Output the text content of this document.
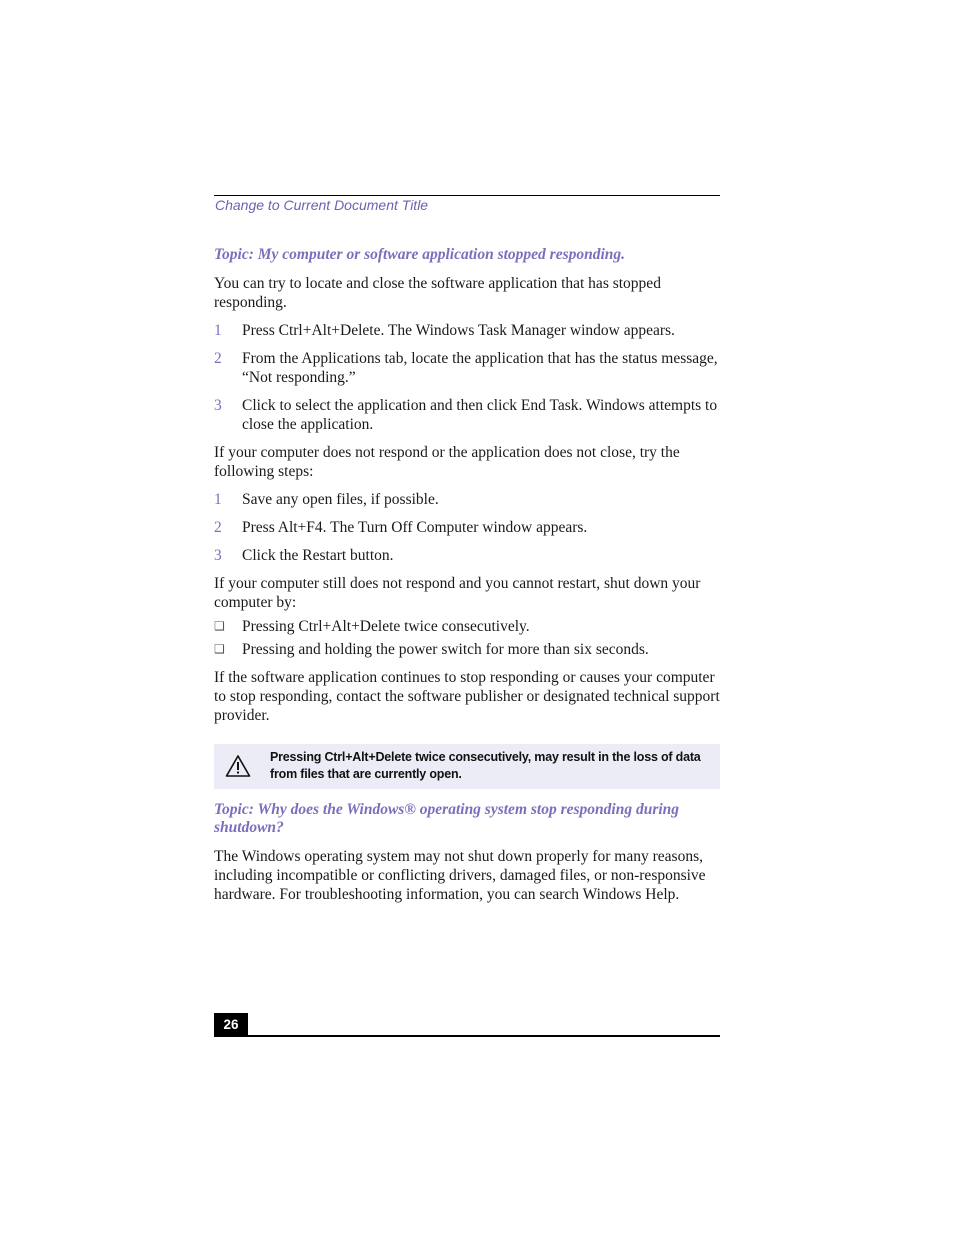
Change to Current Document Title

Topic: My computer or software application stopped responding.

You can try to locate and close the software application that has stopped responding.

1	Press Ctrl+Alt+Delete. The Windows Task Manager window appears.
2	From the Applications tab, locate the application that has the status message, “Not responding.”
3	Click to select the application and then click End Task. Windows attempts to close the application.

If your computer does not respond or the application does not close, try the following steps:

1	Save any open files, if possible.
2	Press Alt+F4. The Turn Off Computer window appears.
3	Click the Restart button.

If your computer still does not respond and you cannot restart, shut down your computer by:

❑	Pressing Ctrl+Alt+Delete twice consecutively.
❑	Pressing and holding the power switch for more than six seconds.

If the software application continues to stop responding or causes your computer to stop responding, contact the software publisher or designated technical support provider.

Pressing Ctrl+Alt+Delete twice consecutively, may result in the loss of data from files that are currently open.

Topic: Why does the Windows® operating system stop responding during shutdown?

The Windows operating system may not shut down properly for many reasons, including incompatible or conflicting drivers, damaged files, or non-responsive hardware. For troubleshooting information, you can search Windows Help.

26
